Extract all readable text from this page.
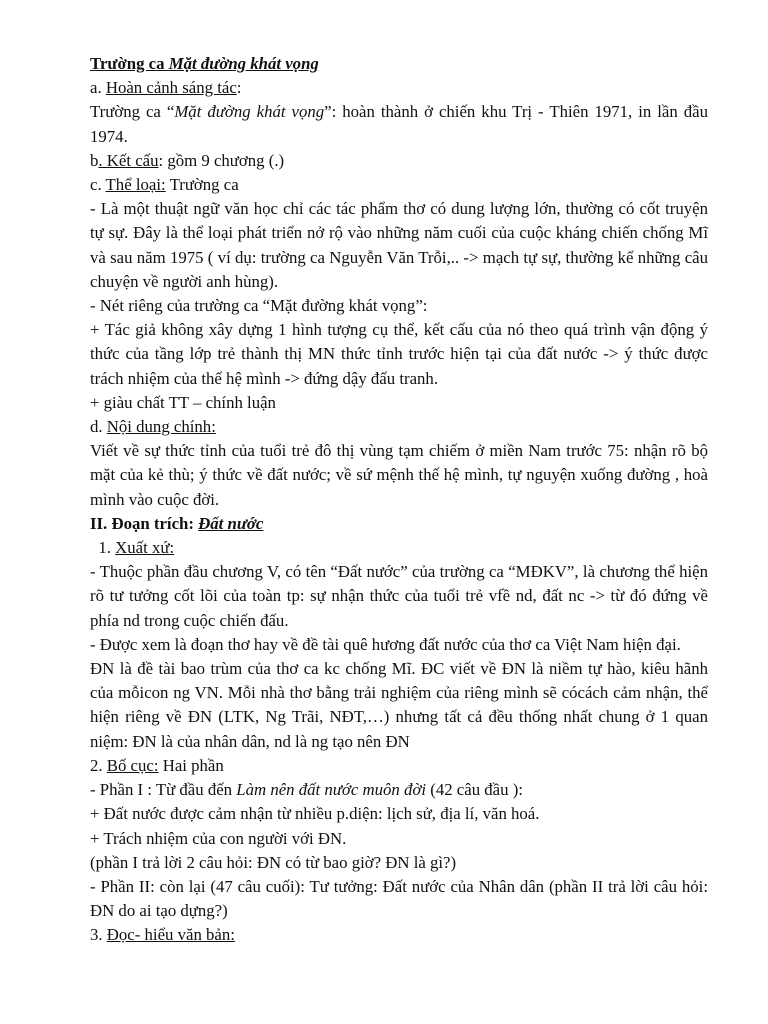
Trường ca Mặt đường khát vọng

a. Hoàn cảnh sáng tác:

Trường ca “Mặt đường khát vọng”: hoàn thành ở chiến khu Trị - Thiên 1971, in lần đầu 1974.

b. Kết cấu: gồm 9 chương (.)

c. Thể loại: Trường ca

- Là một thuật ngữ văn học chỉ các tác phẩm thơ có dung lượng lớn, thường có cốt truyện tự sự. Đây là thể loại phát triển nở rộ vào những năm cuối của cuộc kháng chiến chống Mĩ và sau năm 1975 ( ví dụ: trường ca Nguyễn Văn Trỗi,.. -> mạch tự sự, thường kể những câu chuyện về người anh hùng).

- Nét riêng của trường ca “Mặt đường khát vọng”:

+ Tác giả không xây dựng 1 hình tượng cụ thể, kết cấu của nó theo quá trình vận động ý thức của tầng lớp trẻ thành thị MN thức tỉnh trước hiện tại của đất nước -> ý thức được trách nhiệm của thế hệ mình -> đứng dậy đấu tranh.

+ giàu chất TT – chính luận

d. Nội dung chính:

Viết về sự thức tỉnh của tuổi trẻ đô thị vùng tạm chiếm ở miền Nam trước 75: nhận rõ bộ mặt của kẻ thù; ý thức về đất nước; về sứ mệnh thế hệ mình, tự nguyện xuống đường , hoà mình vào cuộc đời.

II. Đoạn trích: Đất nước

1. Xuất xứ:

- Thuộc phần đầu chương V, có tên “Đất nước” của trường ca “MĐKV”, là chương thể hiện rõ tư tưởng cốt lõi của toàn tp: sự nhận thức của tuổi trẻ vfề nd, đất nc -> từ đó đứng về phía nd trong cuộc chiến đấu.

- Được xem là đoạn thơ hay về đề tài quê hương đất nước của thơ ca Việt Nam hiện đại.

ĐN là đề tài bao trùm của thơ ca kc chống Mĩ. ĐC viết về ĐN là niềm tự hào, kiêu hãnh của mỗicon ng VN. Mỗi nhà thơ bằng trải nghiệm của riêng mình sẽ cócách cảm nhận, thể hiện riêng về ĐN (LTK, Ng Trãi, NĐT,…) nhưng tất cả đều thống nhất chung ở 1 quan niệm: ĐN là của nhân dân, nd là ng tạo nên ĐN

2. Bố cục: Hai phần

- Phần I : Từ đầu đến Làm nên đất nước muôn đời (42 câu đầu ):

+ Đất nước được cảm nhận từ nhiều p.diện: lịch sử, địa lí, văn hoá.

+ Trách nhiệm của con người với ĐN.

(phần I trả lời 2 câu hỏi: ĐN có từ bao giờ? ĐN là gì?)

- Phần II: còn lại (47 câu cuối): Tư tưởng: Đất nước của Nhân dân (phần II trả lời câu hỏi: ĐN do ai tạo dựng?)

3. Đọc- hiểu văn bản:
